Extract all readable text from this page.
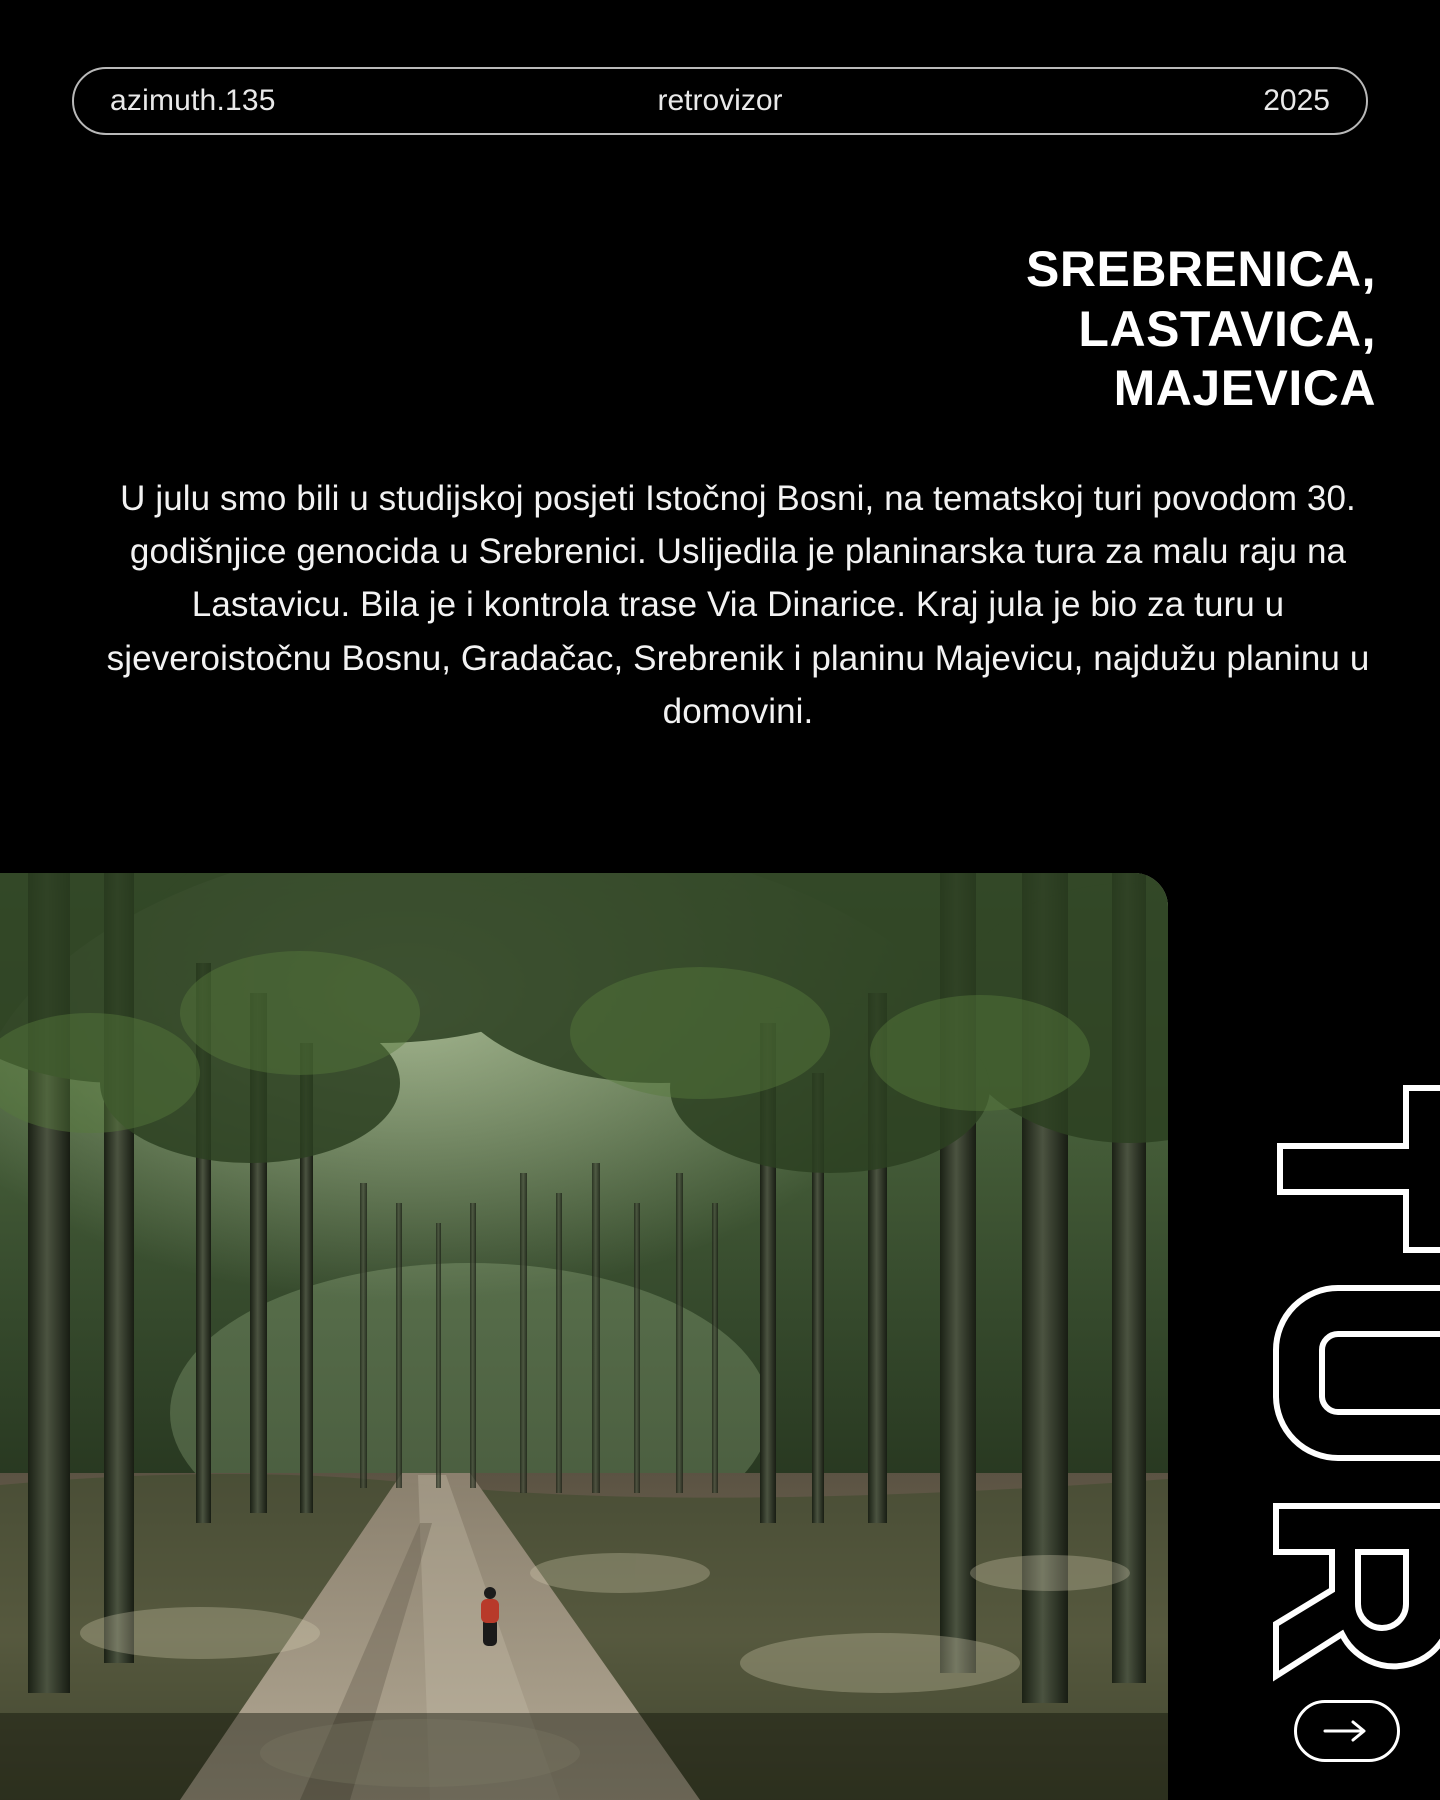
azimuth.135	retrovizor	2025
SREBRENICA,
LASTAVICA,
MAJEVICA

U julu smo bili u studijskoj posjeti Istočnoj Bosni, na tematskoj turi povodom 30. godišnjice genocida u Srebrenici. Uslijedila je planinarska tura za malu raju na Lastavicu. Bila je i kontrola trase Via Dinarice. Kraj jula je bio za turu u sjeveroistočnu Bosnu, Gradačac, Srebrenik i planinu Majevicu, najdužu planinu u domovini.
